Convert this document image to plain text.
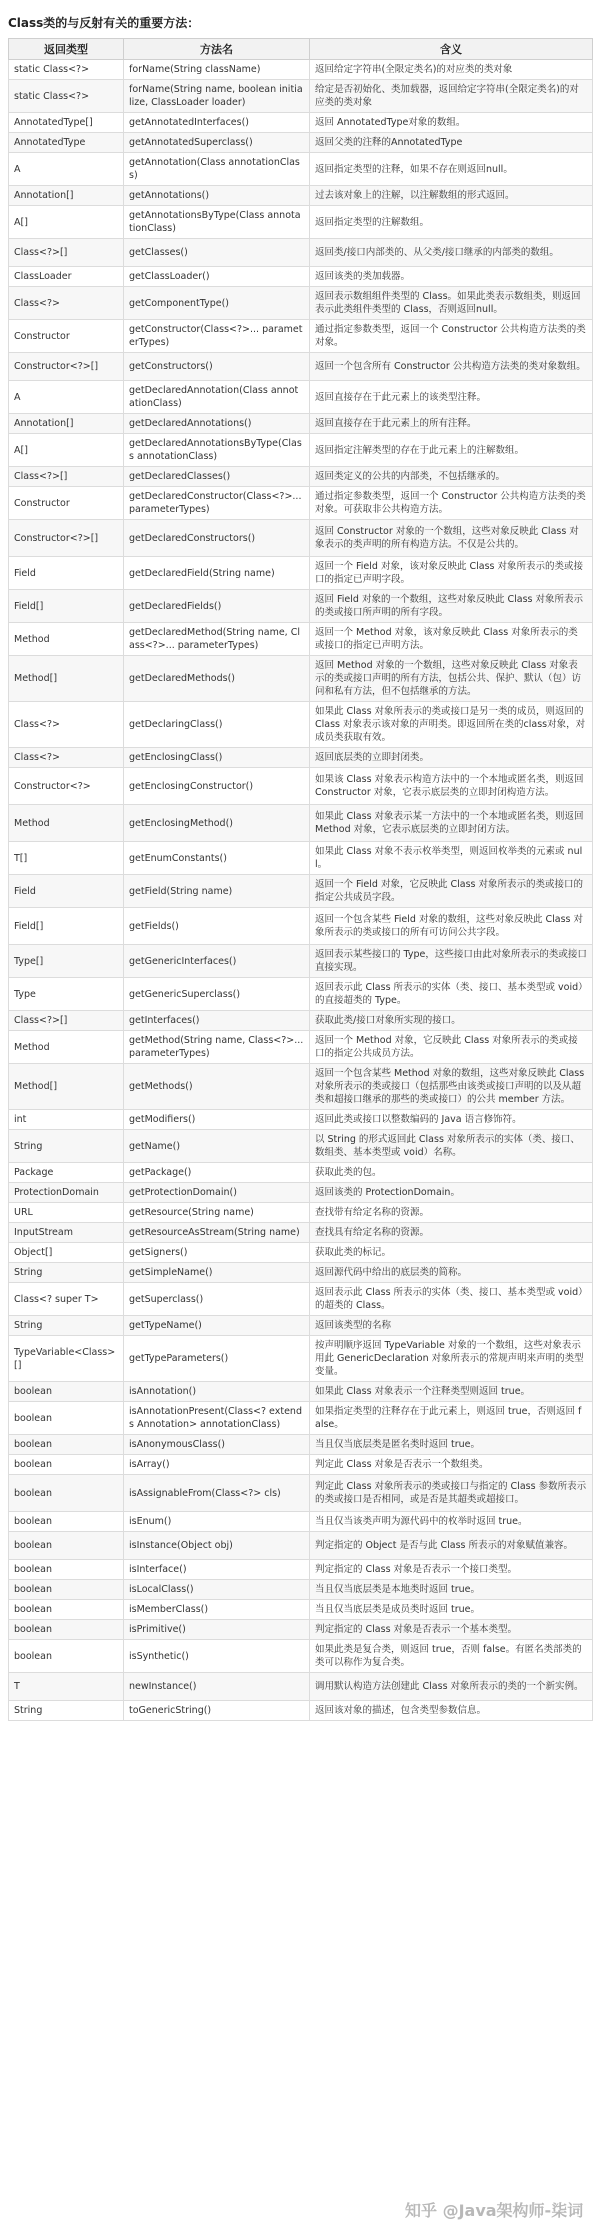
Class类的与反射有关的重要方法：
返回类型	方法名	含义
static Class<?>	forName(String className)	返回给定字符串(全限定类名)的对应类的类对象
static Class<?>	forName(String name, boolean initialize, ClassLoader loader)	给定是否初始化、类加载器，返回给定字符串(全限定类名)的对应类的类对象
AnnotatedType[]	getAnnotatedInterfaces()	返回 AnnotatedType对象的数组。
AnnotatedType	getAnnotatedSuperclass()	返回父类的注释的AnnotatedType
A	getAnnotation(Class annotationClass)	返回指定类型的注释，如果不存在则返回null。
Annotation[]	getAnnotations()	过去该对象上的注解，以注解数组的形式返回。
A[]	getAnnotationsByType(Class annotationClass)	返回指定类型的注解数组。
Class<?>[]	getClasses()	返回类/接口内部类的、从父类/接口继承的内部类的数组。
ClassLoader	getClassLoader()	返回该类的类加载器。
Class<?>	getComponentType()	返回表示数组组件类型的 Class。如果此类表示数组类，则返回表示此类组件类型的 Class，否则返回null。
Constructor	getConstructor(Class<?>... parameterTypes)	通过指定参数类型，返回一个 Constructor 公共构造方法类的类对象。
Constructor<?>[]	getConstructors()	返回一个包含所有 Constructor 公共构造方法类的类对象数组。
A	getDeclaredAnnotation(Class annotationClass)	返回直接存在于此元素上的该类型注释。
Annotation[]	getDeclaredAnnotations()	返回直接存在于此元素上的所有注释。
A[]	getDeclaredAnnotationsByType(Class annotationClass)	返回指定注解类型的存在于此元素上的注解数组。
Class<?>[]	getDeclaredClasses()	返回类定义的公共的内部类，不包括继承的。
Constructor	getDeclaredConstructor(Class<?>... parameterTypes)	通过指定参数类型，返回一个 Constructor 公共构造方法类的类对象。可获取非公共构造方法。
Constructor<?>[]	getDeclaredConstructors()	返回 Constructor 对象的一个数组，这些对象反映此 Class 对象表示的类声明的所有构造方法。不仅是公共的。
Field	getDeclaredField(String name)	返回一个 Field 对象，该对象反映此 Class 对象所表示的类或接口的指定已声明字段。
Field[]	getDeclaredFields()	返回 Field 对象的一个数组，这些对象反映此 Class 对象所表示的类或接口所声明的所有字段。
Method	getDeclaredMethod(String name, Class<?>... parameterTypes)	返回一个 Method 对象，该对象反映此 Class 对象所表示的类或接口的指定已声明方法。
Method[]	getDeclaredMethods()	返回 Method 对象的一个数组，这些对象反映此 Class 对象表示的类或接口声明的所有方法，包括公共、保护、默认（包）访问和私有方法，但不包括继承的方法。
Class<?>	getDeclaringClass()	如果此 Class 对象所表示的类或接口是另一类的成员，则返回的 Class 对象表示该对象的声明类。即返回所在类的class对象，对成员类获取有效。
Class<?>	getEnclosingClass()	返回底层类的立即封闭类。
Constructor<?>	getEnclosingConstructor()	如果该 Class 对象表示构造方法中的一个本地或匿名类，则返回 Constructor 对象，它表示底层类的立即封闭构造方法。
Method	getEnclosingMethod()	如果此 Class 对象表示某一方法中的一个本地或匿名类，则返回 Method 对象，它表示底层类的立即封闭方法。
T[]	getEnumConstants()	如果此 Class 对象不表示枚举类型，则返回枚举类的元素或 null。
Field	getField(String name)	返回一个 Field 对象，它反映此 Class 对象所表示的类或接口的指定公共成员字段。
Field[]	getFields()	返回一个包含某些 Field 对象的数组，这些对象反映此 Class 对象所表示的类或接口的所有可访问公共字段。
Type[]	getGenericInterfaces()	返回表示某些接口的 Type，这些接口由此对象所表示的类或接口直接实现。
Type	getGenericSuperclass()	返回表示此 Class 所表示的实体（类、接口、基本类型或 void）的直接超类的 Type。
Class<?>[]	getInterfaces()	获取此类/接口对象所实现的接口。
Method	getMethod(String name, Class<?>... parameterTypes)	返回一个 Method 对象，它反映此 Class 对象所表示的类或接口的指定公共成员方法。
Method[]	getMethods()	返回一个包含某些 Method 对象的数组，这些对象反映此 Class 对象所表示的类或接口（包括那些由该类或接口声明的以及从超类和超接口继承的那些的类或接口）的公共 member 方法。
int	getModifiers()	返回此类或接口以整数编码的 Java 语言修饰符。
String	getName()	以 String 的形式返回此 Class 对象所表示的实体（类、接口、数组类、基本类型或 void）名称。
Package	getPackage()	获取此类的包。
ProtectionDomain	getProtectionDomain()	返回该类的 ProtectionDomain。
URL	getResource(String name)	查找带有给定名称的资源。
InputStream	getResourceAsStream(String name)	查找具有给定名称的资源。
Object[]	getSigners()	获取此类的标记。
String	getSimpleName()	返回源代码中给出的底层类的简称。
Class<? super T>	getSuperclass()	返回表示此 Class 所表示的实体（类、接口、基本类型或 void）的超类的 Class。
String	getTypeName()	返回该类型的名称
TypeVariable<Class>[]	getTypeParameters()	按声明顺序返回 TypeVariable 对象的一个数组，这些对象表示用此 GenericDeclaration 对象所表示的常规声明来声明的类型变量。
boolean	isAnnotation()	如果此 Class 对象表示一个注释类型则返回 true。
boolean	isAnnotationPresent(Class<? extends Annotation> annotationClass)	如果指定类型的注释存在于此元素上，则返回 true，否则返回 false。
boolean	isAnonymousClass()	当且仅当底层类是匿名类时返回 true。
boolean	isArray()	判定此 Class 对象是否表示一个数组类。
boolean	isAssignableFrom(Class<?> cls)	判定此 Class 对象所表示的类或接口与指定的 Class 参数所表示的类或接口是否相同，或是否是其超类或超接口。
boolean	isEnum()	当且仅当该类声明为源代码中的枚举时返回 true。
boolean	isInstance(Object obj)	判定指定的 Object 是否与此 Class 所表示的对象赋值兼容。
boolean	isInterface()	判定指定的 Class 对象是否表示一个接口类型。
boolean	isLocalClass()	当且仅当底层类是本地类时返回 true。
boolean	isMemberClass()	当且仅当底层类是成员类时返回 true。
boolean	isPrimitive()	判定指定的 Class 对象是否表示一个基本类型。
boolean	isSynthetic()	如果此类是复合类，则返回 true，否则 false。有匿名类部类的类可以称作为复合类。
T	newInstance()	调用默认构造方法创建此 Class 对象所表示的类的一个新实例。
String	toGenericString()	返回该对象的描述，包含类型参数信息。
知乎 @Java架构师-柒词
